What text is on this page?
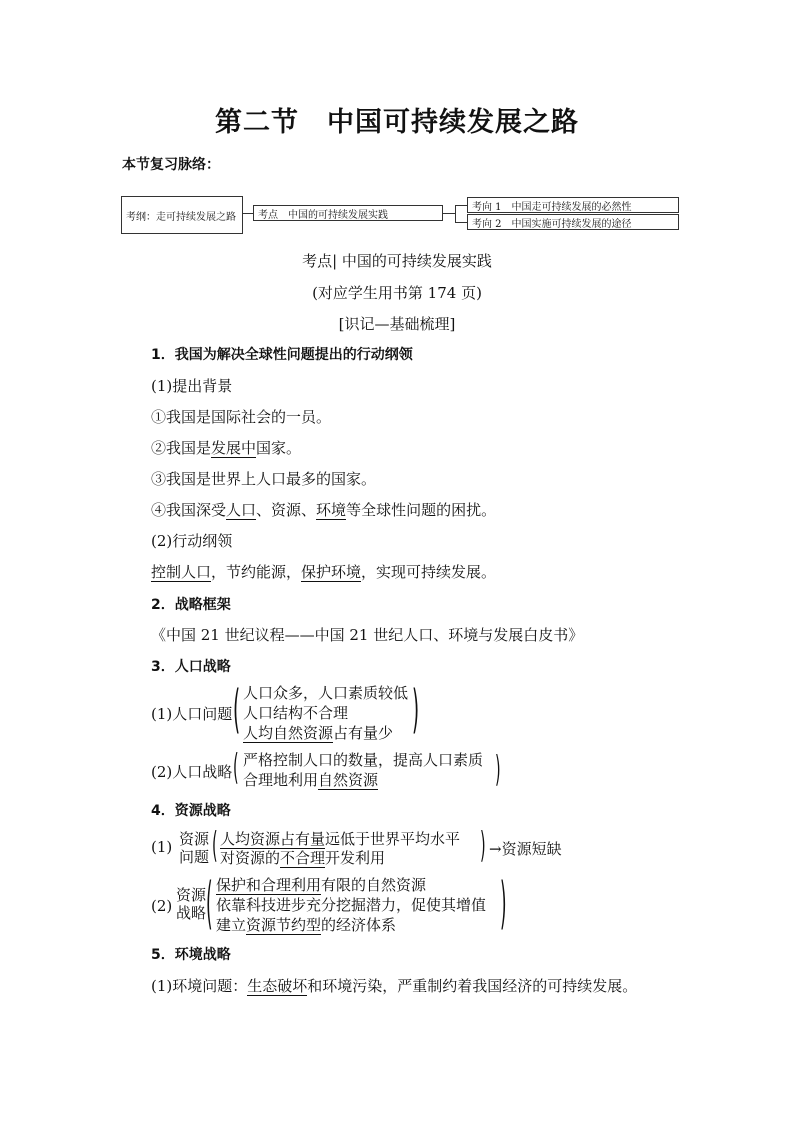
第二节　中国可持续发展之路
本节复习脉络：
考纲：走可持续发展之路 考点　中国的可持续发展实践
考向 1　中国走可持续发展的必然性
考向 2　中国实施可持续发展的途径
考点| 中国的可持续发展实践
(对应学生用书第 174 页)
[识记—基础梳理]
1．我国为解决全球性问题提出的行动纲领
(1)提出背景
①我国是国际社会的一员。
②我国是发展中国家。
③我国是世界上人口最多的国家。
④我国深受人口、资源、环境等全球性问题的困扰。
(2)行动纲领
控制人口，节约能源，保护环境，实现可持续发展。
2．战略框架
《中国 21 世纪议程——中国 21 世纪人口、环境与发展白皮书》
3．人口战略
(1)人口问题 ( 人口众多，人口素质较低
人口结构不合理
人均自然资源占有量少 )
(2)人口战略 ( 严格控制人口的数量，提高人口素质
合理地利用自然资源	)
4．资源战略
(1) 资源
问题 ( 人均资源占有量远低于世界平均水平
对资源的不合理开发利用	) →资源短缺
(2)
资源
战略 ( 保护和合理利用有限的自然资源
依靠科技进步充分挖掘潜力，促使其增值
建立资源节约型的经济体系 )
5．环境战略
(1)环境问题：生态破坏和环境污染，严重制约着我国经济的可持续发展。
